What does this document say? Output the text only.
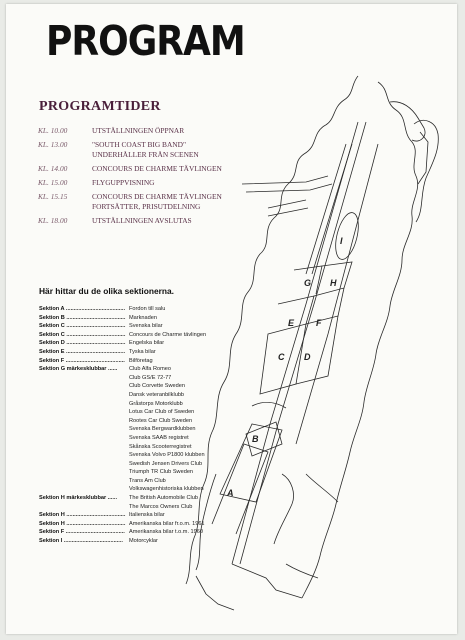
PROGRAM
PROGRAMTIDER
KL. 10.00	UTSTÄLLNINGEN ÖPPNAR
KL. 13.00	"SOUTH COAST BIG BAND" UNDERHÅLLER FRÅN SCENEN
KL. 14.00	CONCOURS DE CHARME TÄVLINGEN
KL. 15.00	FLYGUPPVISNING
KL. 15.15	CONCOURS DE CHARME TÄVLINGEN FORTSÄTTER, PRISUTDELNING
KL. 18.00	UTSTÄLLNINGEN AVSLUTAS
Här hittar du de olika sektionerna.
Sektion A ...................................... Fordon till salu
Sektion B ...................................... Marknaden
Sektion C ...................................... Svenska bilar
Sektion C ...................................... Concours de Charme tävlingen
Sektion D ...................................... Engelska bilar
Sektion E ...................................... Tyska bilar
Sektion F ...................................... Bilföretag
Sektion G märkesklubbar ......	Club Alfa Romeo
Club GS/E 72-77
Club Corvette Sweden
Dansk veteranbilklubb
Gråstorps Motorklubb
Lotus Car Club of Sweden
Rootes Car Club Sweden
Svenska Bergwardklubben
Svenska SAAB registret
Skånska Scooterregistret
Svenska Volvo P1800 klubben
Swedish Jensen Drivers Club
Triumph TR Club Sweden
Trans Am Club
Volkswagenhistoriska klubben
Sektion H märkesklubbar ......	The British Automobile Club
The Marcos Owners Club
Sektion H ...................................... Italienska bilar
Sektion H ...................................... Amerikanska bilar fr.o.m. 1961
Sektion F ...................................... Amerikanska bilar t.o.m. 1960
Sektion I ......................................	Motorcyklar
A
B
C D
E F
G H
I
